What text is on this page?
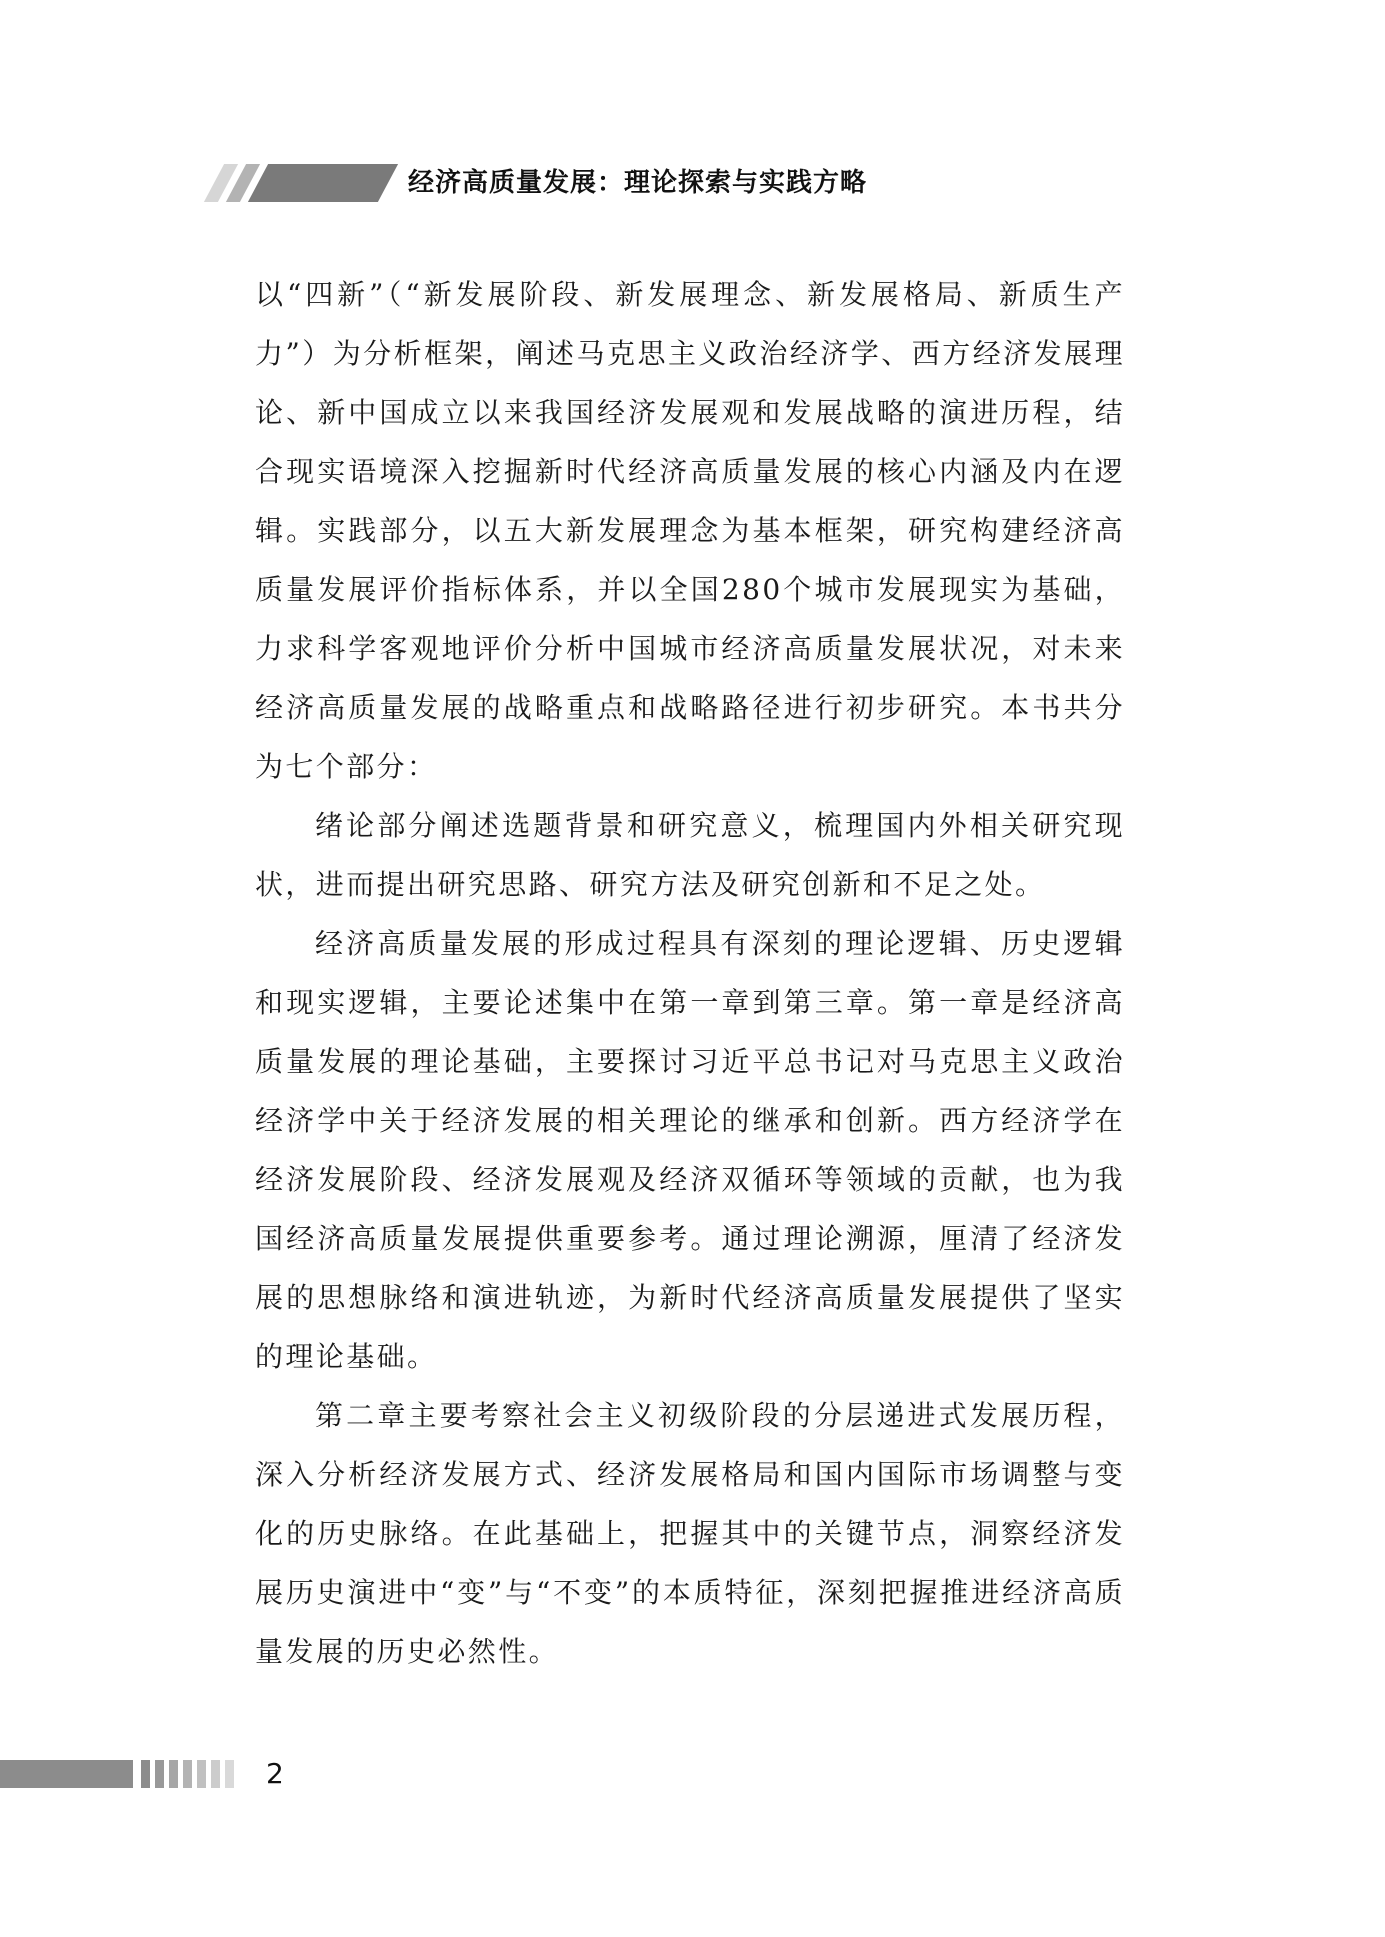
经济高质量发展：理论探索与实践方略

以“四新”（“新发展阶段、新发展理念、新发展格局、新质生产力”）为分析框架，阐述马克思主义政治经济学、西方经济发展理论、新中国成立以来我国经济发展观和发展战略的演进历程，结合现实语境深入挖掘新时代经济高质量发展的核心内涵及内在逻辑。实践部分，以五大新发展理念为基本框架，研究构建经济高质量发展评价指标体系，并以全国280个城市发展现实为基础，力求科学客观地评价分析中国城市经济高质量发展状况，对未来经济高质量发展的战略重点和战略路径进行初步研究。本书共分为七个部分：

绪论部分阐述选题背景和研究意义，梳理国内外相关研究现状，进而提出研究思路、研究方法及研究创新和不足之处。

经济高质量发展的形成过程具有深刻的理论逻辑、历史逻辑和现实逻辑，主要论述集中在第一章到第三章。第一章是经济高质量发展的理论基础，主要探讨习近平总书记对马克思主义政治经济学中关于经济发展的相关理论的继承和创新。西方经济学在经济发展阶段、经济发展观及经济双循环等领域的贡献，也为我国经济高质量发展提供重要参考。通过理论溯源，厘清了经济发展的思想脉络和演进轨迹，为新时代经济高质量发展提供了坚实的理论基础。

第二章主要考察社会主义初级阶段的分层递进式发展历程，深入分析经济发展方式、经济发展格局和国内国际市场调整与变化的历史脉络。在此基础上，把握其中的关键节点，洞察经济发展历史演进中“变”与“不变”的本质特征，深刻把握推进经济高质量发展的历史必然性。

2
